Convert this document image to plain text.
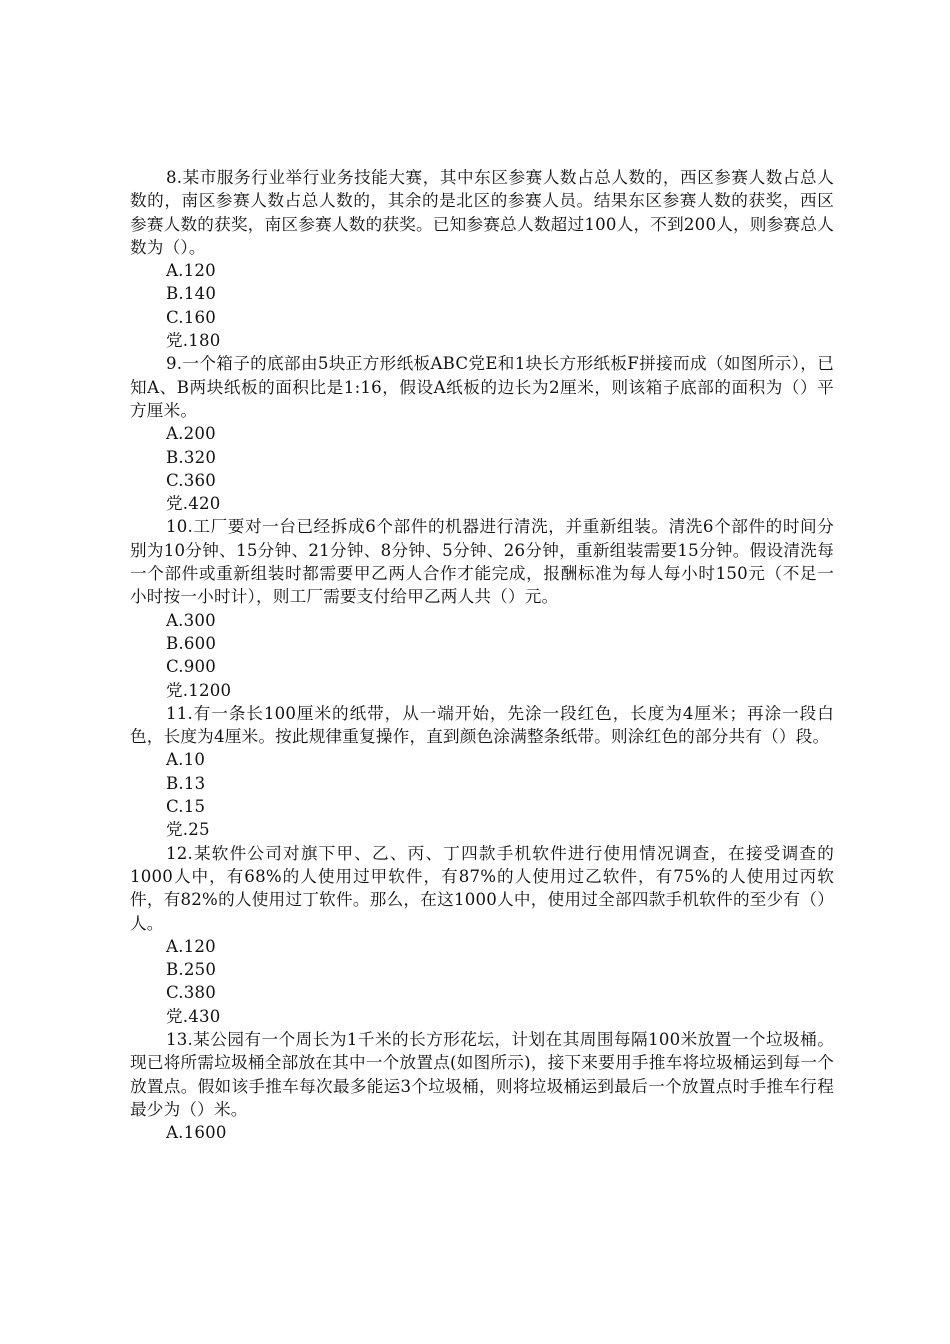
8.某市服务行业举行业务技能大赛，其中东区参赛人数占总人数的，西区参赛人数占总人数的，南区参赛人数占总人数的，其余的是北区的参赛人员。结果东区参赛人数的获奖，西区参赛人数的获奖，南区参赛人数的获奖。已知参赛总人数超过100人，不到200人，则参赛总人数为（）。

A.120

B.140

C.160

党.180

9.一个箱子的底部由5块正方形纸板ABC党E和1块长方形纸板F拼接而成（如图所示），已知A、B两块纸板的面积比是1:16，假设A纸板的边长为2厘米，则该箱子底部的面积为（）平方厘米。

A.200

B.320

C.360

党.420

10.工厂要对一台已经拆成6个部件的机器进行清洗，并重新组装。清洗6个部件的时间分别为10分钟、15分钟、21分钟、8分钟、5分钟、26分钟，重新组装需要15分钟。假设清洗每一个部件或重新组装时都需要甲乙两人合作才能完成，报酬标准为每人每小时150元（不足一小时按一小时计），则工厂需要支付给甲乙两人共（）元。

A.300

B.600

C.900

党.1200

11.有一条长100厘米的纸带，从一端开始，先涂一段红色，长度为4厘米；再涂一段白色，长度为4厘米。按此规律重复操作，直到颜色涂满整条纸带。则涂红色的部分共有（）段。

A.10

B.13

C.15

党.25

12.某软件公司对旗下甲、乙、丙、丁四款手机软件进行使用情况调查，在接受调查的1000人中，有68%的人使用过甲软件，有87%的人使用过乙软件，有75%的人使用过丙软件，有82%的人使用过丁软件。那么，在这1000人中，使用过全部四款手机软件的至少有（）人。

A.120

B.250

C.380

党.430

13.某公园有一个周长为1千米的长方形花坛，计划在其周围每隔100米放置一个垃圾桶。现已将所需垃圾桶全部放在其中一个放置点(如图所示)，接下来要用手推车将垃圾桶运到每一个放置点。假如该手推车每次最多能运3个垃圾桶，则将垃圾桶运到最后一个放置点时手推车行程最少为（）米。

A.1600
